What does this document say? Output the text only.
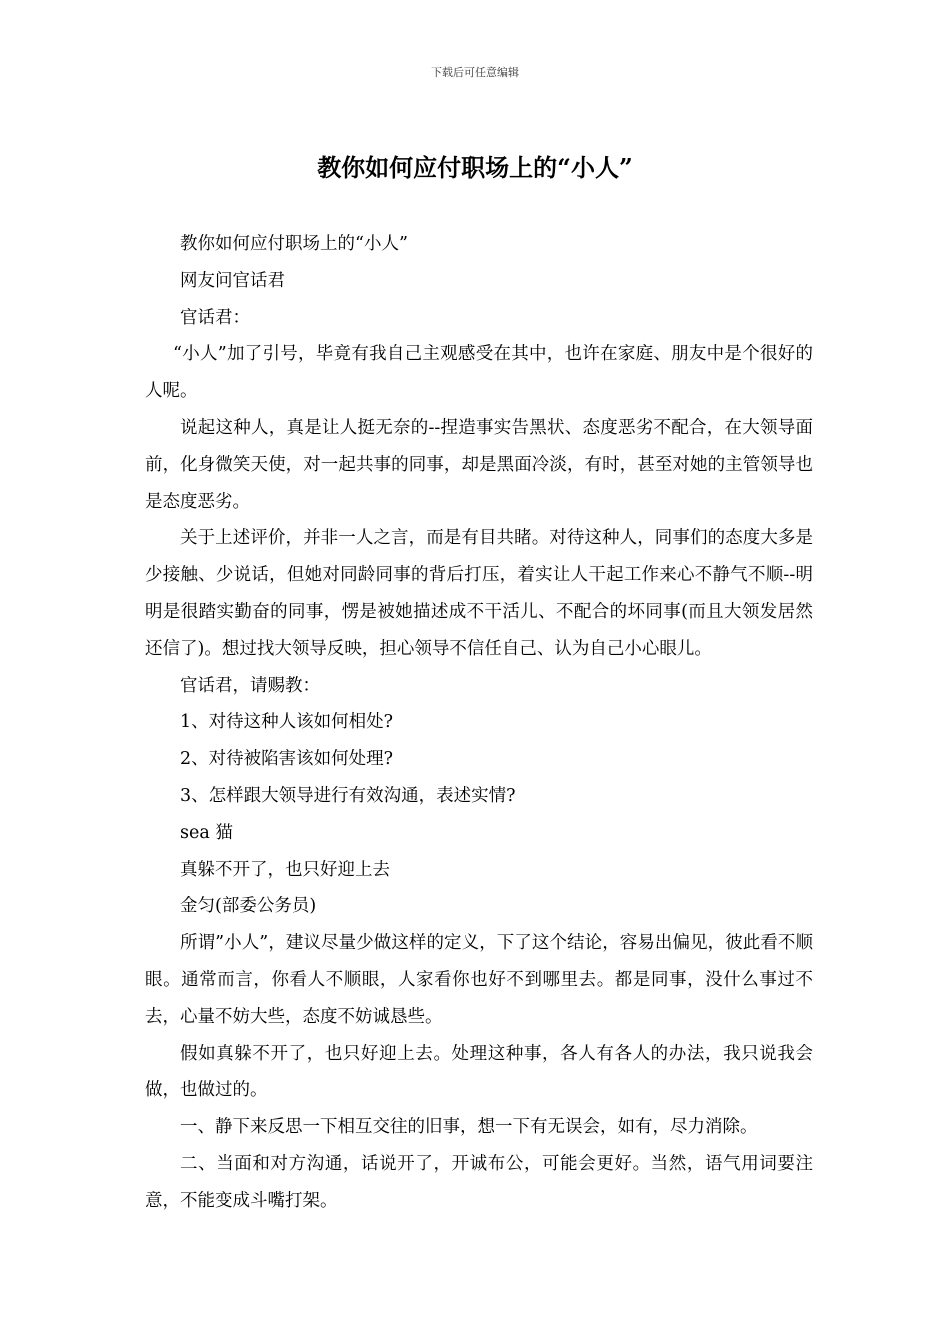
下载后可任意编辑
教你如何应付职场上的“小人”

教你如何应付职场上的“小人”

网友问官话君

官话君：

“小人”加了引号，毕竟有我自己主观感受在其中，也许在家庭、朋友中是个很好的人呢。

说起这种人，真是让人挺无奈的--捏造事实告黑状、态度恶劣不配合，在大领导面前，化身微笑天使，对一起共事的同事，却是黑面冷淡，有时，甚至对她的主管领导也是态度恶劣。

关于上述评价，并非一人之言，而是有目共睹。对待这种人，同事们的态度大多是少接触、少说话，但她对同龄同事的背后打压，着实让人干起工作来心不静气不顺--明明是很踏实勤奋的同事，愣是被她描述成不干活儿、不配合的坏同事(而且大领发居然还信了)。想过找大领导反映，担心领导不信任自己、认为自己小心眼儿。

官话君，请赐教：

1、对待这种人该如何相处?

2、对待被陷害该如何处理?

3、怎样跟大领导进行有效沟通，表述实情?

sea 猫

真躲不开了，也只好迎上去

金匀(部委公务员)

所谓”小人”，建议尽量少做这样的定义，下了这个结论，容易出偏见，彼此看不顺眼。通常而言，你看人不顺眼，人家看你也好不到哪里去。都是同事，没什么事过不去，心量不妨大些，态度不妨诚恳些。

假如真躲不开了，也只好迎上去。处理这种事，各人有各人的办法，我只说我会做，也做过的。

一、静下来反思一下相互交往的旧事，想一下有无误会，如有，尽力消除。

二、当面和对方沟通，话说开了，开诚布公，可能会更好。当然，语气用词要注意，不能变成斗嘴打架。
